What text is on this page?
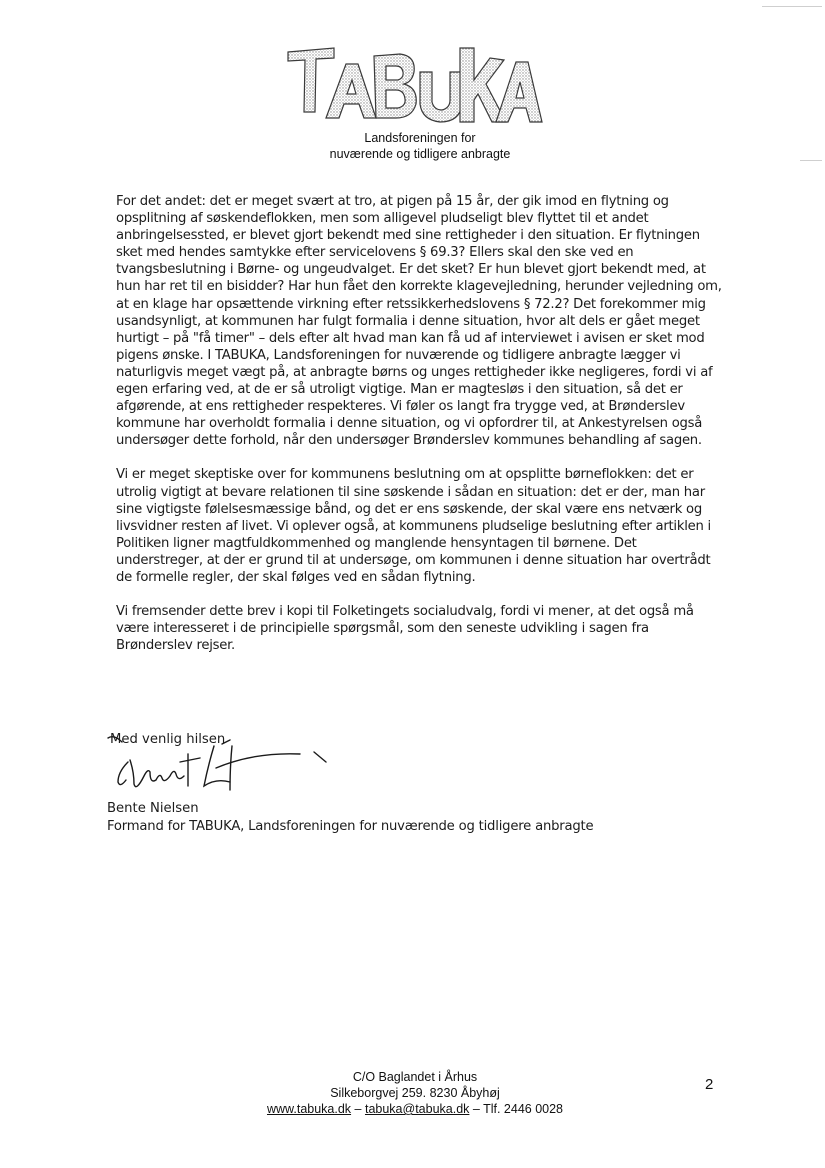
TABUKA
Landsforeningen for
nuværende og tidligere anbragte

For det andet: det er meget svært at tro, at pigen på 15 år, der gik imod en flytning og opsplitning af søskendeflokken, men som alligevel pludseligt blev flyttet til et andet anbringelsessted, er blevet gjort bekendt med sine rettigheder i den situation. Er flytningen sket med hendes samtykke efter servicelovens § 69.3? Ellers skal den ske ved en tvangsbeslutning i Børne- og ungeudvalget. Er det sket? Er hun blevet gjort bekendt med, at hun har ret til en bisidder? Har hun fået den korrekte klagevejledning, herunder vejledning om, at en klage har opsættende virkning efter retssikkerhedslovens § 72.2? Det forekommer mig usandsynligt, at kommunen har fulgt formalia i denne situation, hvor alt dels er gået meget hurtigt – på "få timer" – dels efter alt hvad man kan få ud af interviewet i avisen er sket mod pigens ønske. I TABUKA, Landsforeningen for nuværende og tidligere anbragte lægger vi naturligvis meget vægt på, at anbragte børns og unges rettigheder ikke negligeres, fordi vi af egen erfaring ved, at de er så utroligt vigtige. Man er magtesløs i den situation, så det er afgørende, at ens rettigheder respekteres. Vi føler os langt fra trygge ved, at Brønderslev kommune har overholdt formalia i denne situation, og vi opfordrer til, at Ankestyrelsen også undersøger dette forhold, når den undersøger Brønderslev kommunes behandling af sagen.

Vi er meget skeptiske over for kommunens beslutning om at opsplitte børneflokken: det er utrolig vigtigt at bevare relationen til sine søskende i sådan en situation: det er der, man har sine vigtigste følelsesmæssige bånd, og det er ens søskende, der skal være ens netværk og livsvidner resten af livet. Vi oplever også, at kommunens pludselige beslutning efter artiklen i Politiken ligner magtfuldkommenhed og manglende hensyntagen til børnene. Det understreger, at der er grund til at undersøge, om kommunen i denne situation har overtrådt de formelle regler, der skal følges ved en sådan flytning.

Vi fremsender dette brev i kopi til Folketingets socialudvalg, fordi vi mener, at det også må være interesseret i de principielle spørgsmål, som den seneste udvikling i sagen fra Brønderslev rejser.

Med venlig hilsen
Bente Nielsen
Formand for TABUKA, Landsforeningen for nuværende og tidligere anbragte
C/O Baglandet i Århus
Silkeborgvej 259. 8230 Åbyhøj
www.tabuka.dk – tabuka@tabuka.dk – Tlf. 2446 0028
2
